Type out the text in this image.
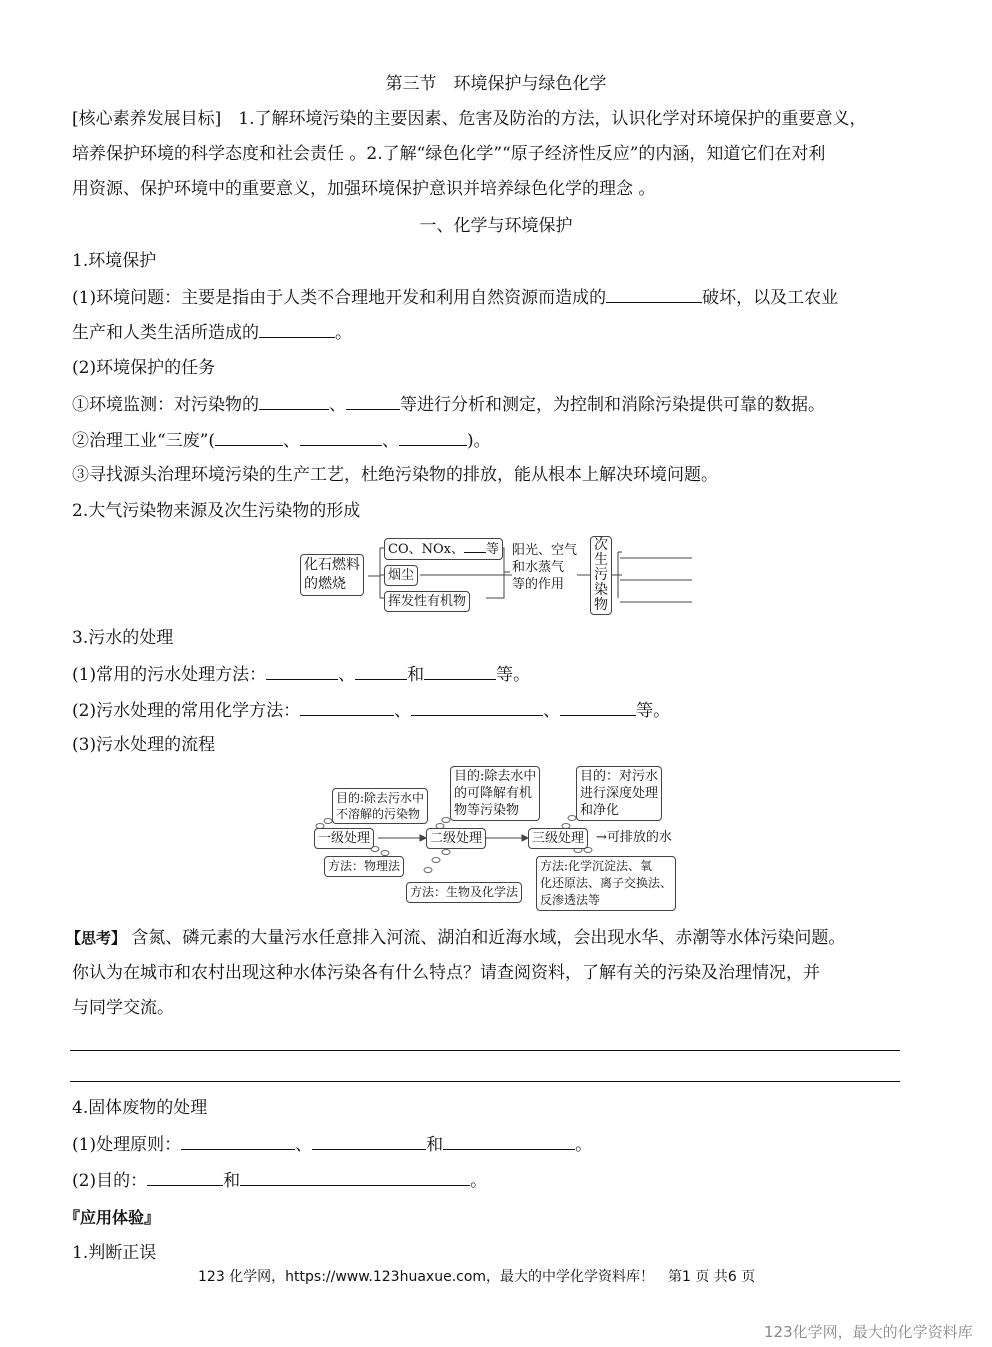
第三节　环境保护与绿色化学
[核心素养发展目标]　1.了解环境污染的主要因素、危害及防治的方法，认识化学对环境保护的重要意义，
培养保护环境的科学态度和社会责任 。2.了解“绿色化学”“原子经济性反应”的内涵，知道它们在对利
用资源、保护环境中的重要意义，加强环境保护意识并培养绿色化学的理念 。
一、化学与环境保护
1.环境保护
(1)环境问题：主要是指由于人类不合理地开发和利用自然资源而造成的	破坏，以及工农业
生产和人类生活所造成的	。
(2)环境保护的任务
①环境监测：对污染物的	、	等进行分析和测定，为控制和消除污染提供可靠的数据。
②治理工业“三废”(	、	、	)。
③寻找源头治理环境污染的生产工艺，杜绝污染物的排放，能从根本上解决环境问题。
2.大气污染物来源及次生污染物的形成
化石燃料
的燃烧
CO、NOx、 等
烟尘
挥发性有机物
阳光、空气
和水蒸气
等的作用
次
生
污
染
物
3.污水的处理
(1)常用的污水处理方法：	、	和	等。
(2)污水处理的常用化学方法：	、	、	等。
(3)污水处理的流程
目的:除去污水中
不溶解的污染物
目的:除去水中
的可降解有机
物等污染物
目的：对污水
进行深度处理
和净化
一级处理	二级处理	三级处理 →可排放的水
方法：物理法
方法：生物及化学法
方法:化学沉淀法、氧
化还原法、离子交换法、
反渗透法等
【思考】 含氮、磷元素的大量污水任意排入河流、湖泊和近海水域，会出现水华、赤潮等水体污染问题。
你认为在城市和农村出现这种水体污染各有什么特点？请查阅资料，了解有关的污染及治理情况，并
与同学交流。
4.固体废物的处理
(1)处理原则：	、	和	。
(2)目的：	和	。
『应用体验』
1.判断正误
123 化学网，https://www.123huaxue.com，最大的中学化学资料库！　第1 页 共6 页
123化学网，最大的化学资料库
